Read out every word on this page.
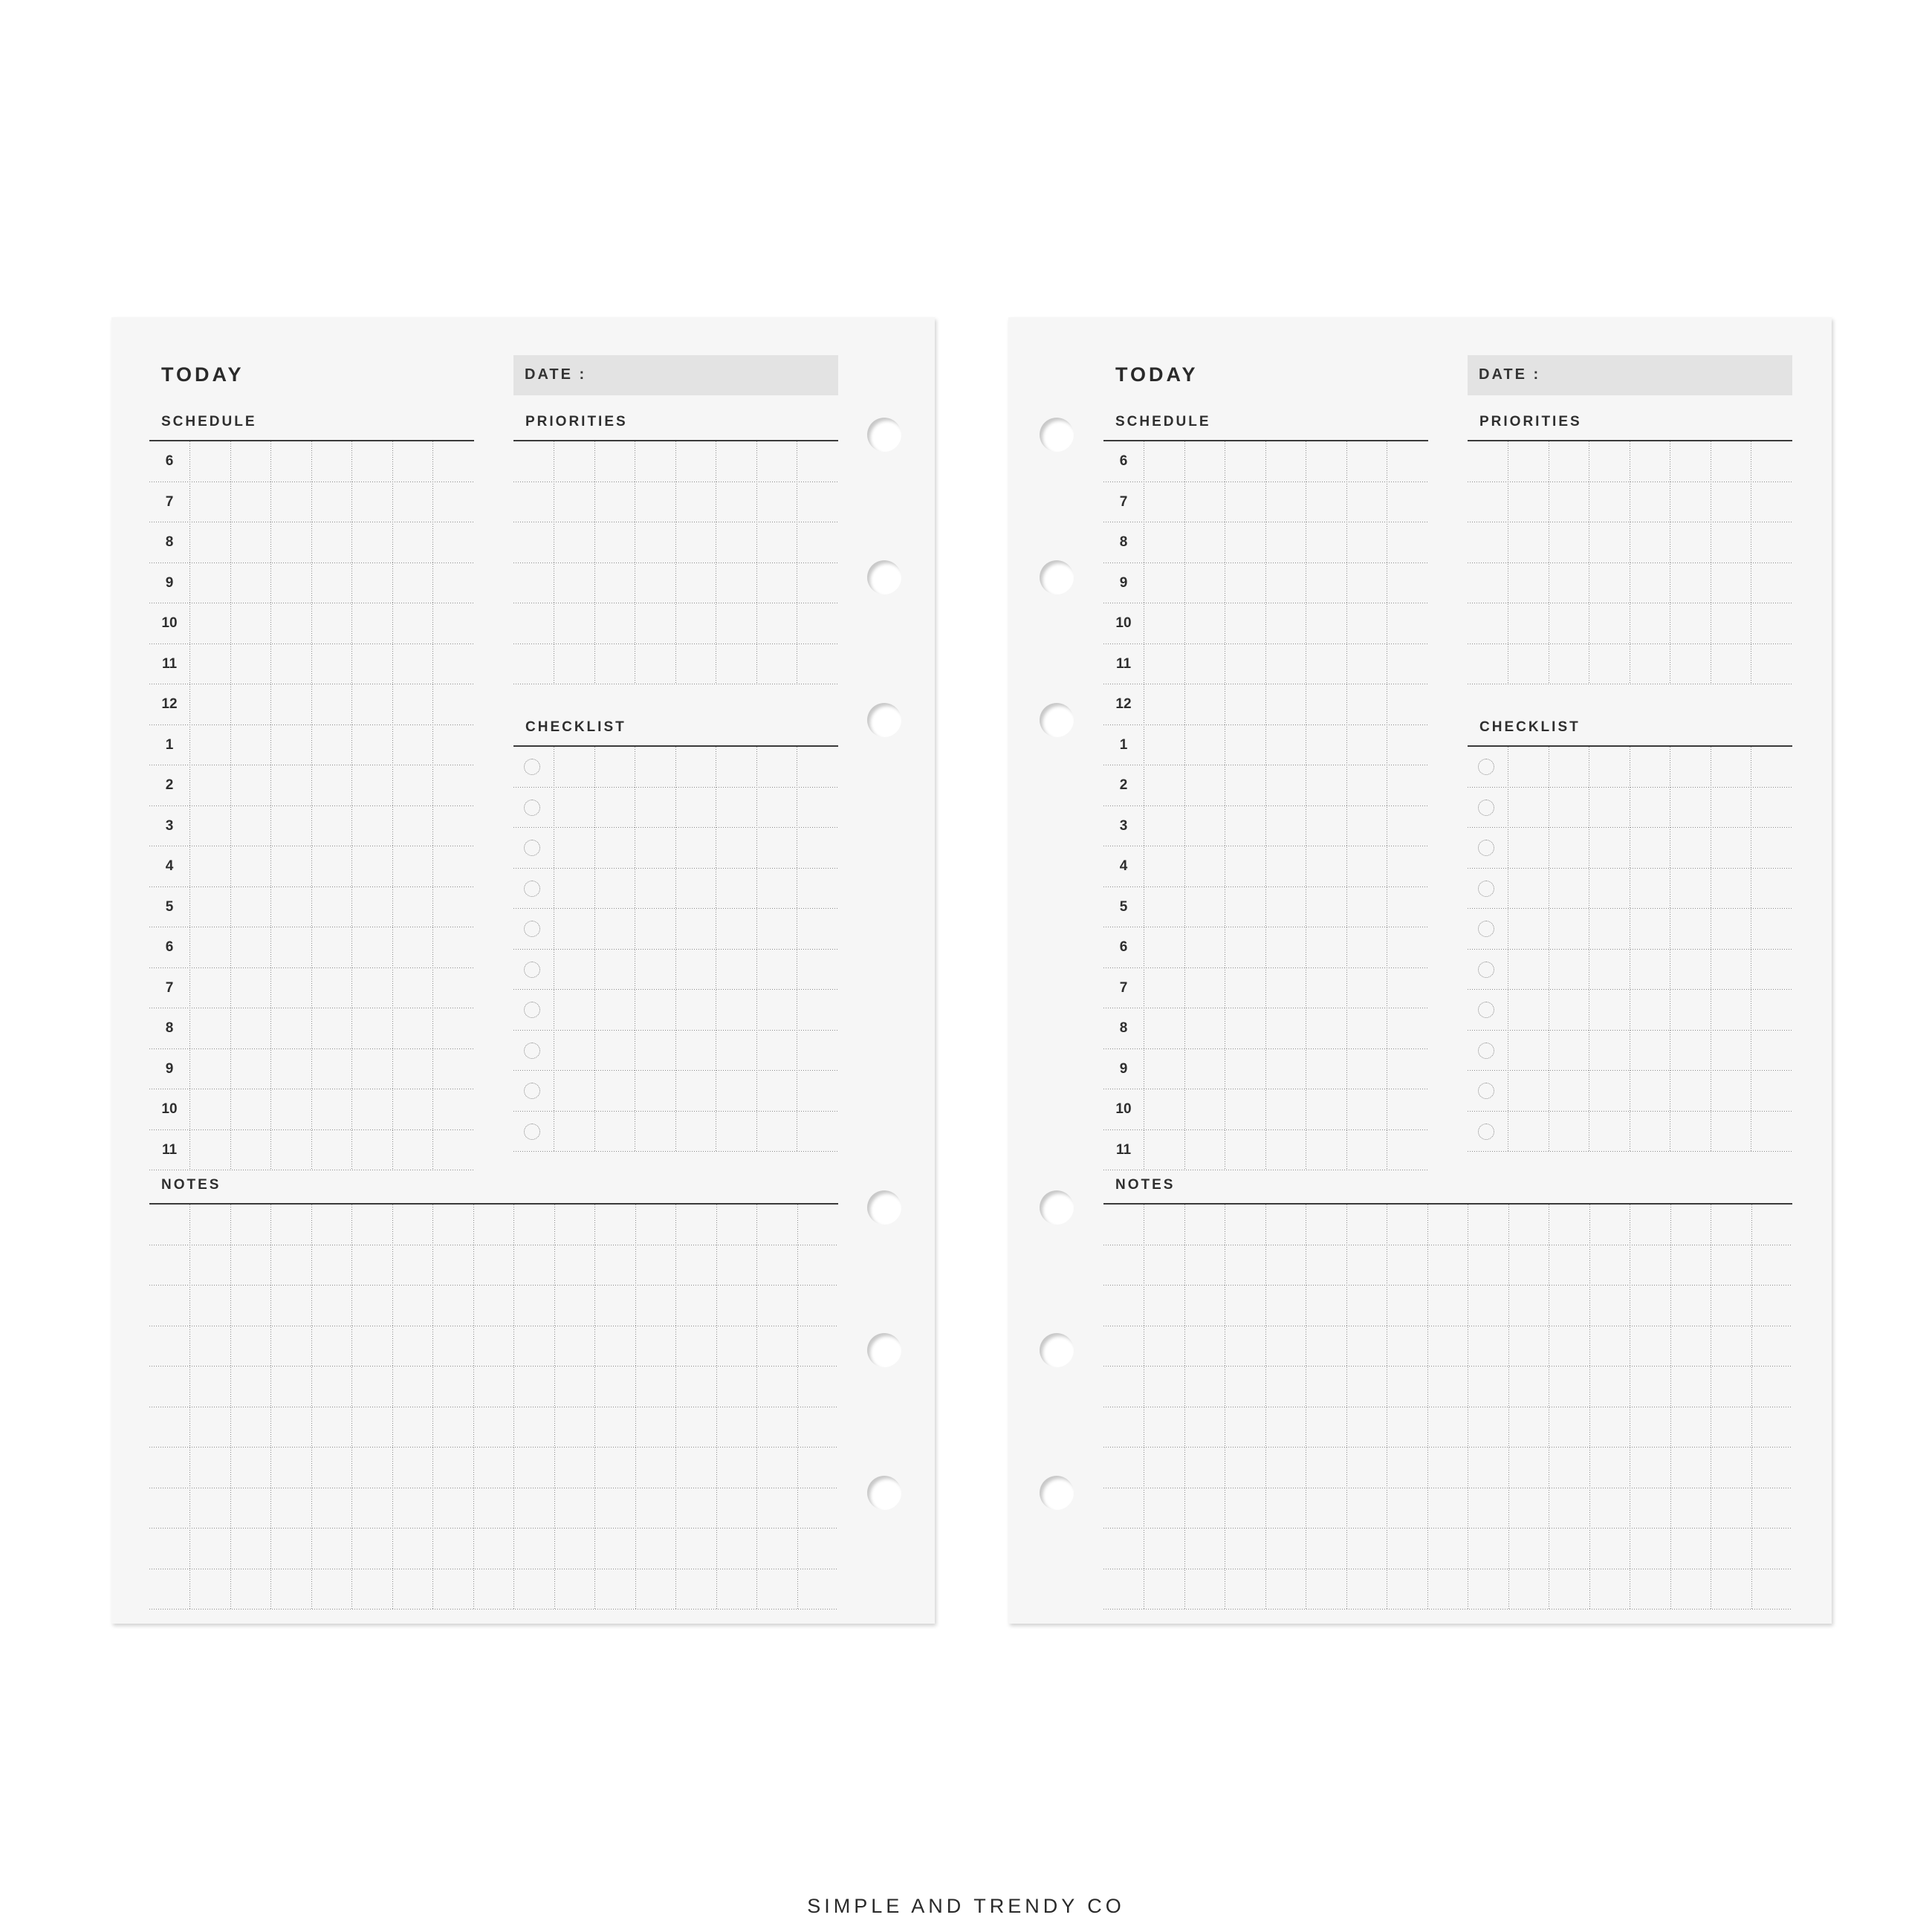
TODAY	DATE :
SCHEDULE	PRIORITIES
CHECKLIST
NOTES
6
7
8
9
10
11
12
1
2
3
4
5
6
7
8
9
10
11
TODAY	DATE :
SCHEDULE	PRIORITIES
CHECKLIST
NOTES
6
7
8
9
10
11
12
1
2
3
4
5
6
7
8
9
10
11
SIMPLE AND TRENDY CO
